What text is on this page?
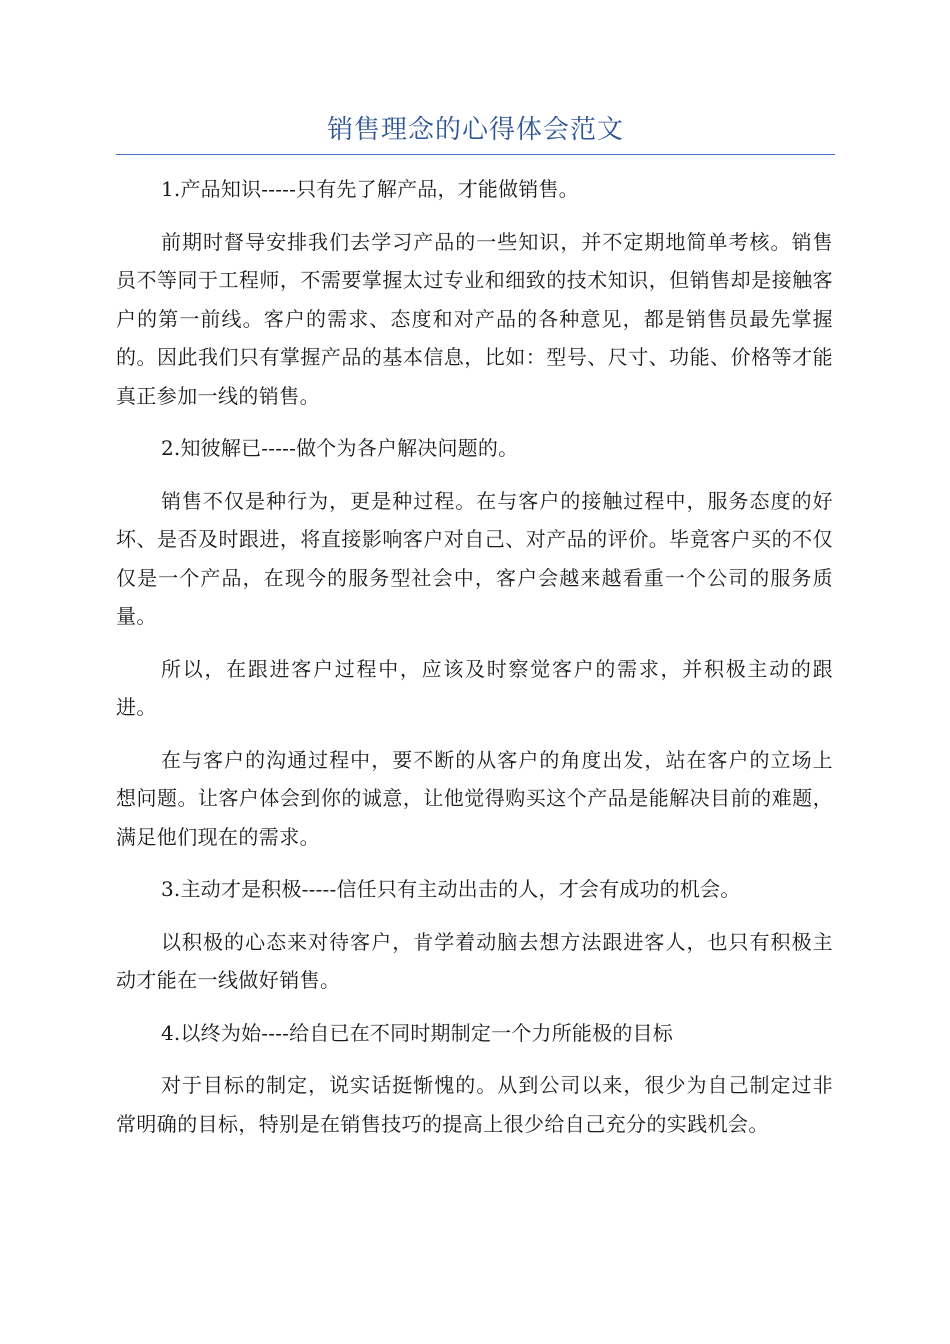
销售理念的心得体会范文

1.产品知识-----只有先了解产品，才能做销售。

前期时督导安排我们去学习产品的一些知识，并不定期地简单考核。销售员不等同于工程师，不需要掌握太过专业和细致的技术知识，但销售却是接触客户的第一前线。客户的需求、态度和对产品的各种意见，都是销售员最先掌握的。因此我们只有掌握产品的基本信息，比如：型号、尺寸、功能、价格等才能真正参加一线的销售。

2.知彼解已-----做个为各户解决问题的。

销售不仅是种行为，更是种过程。在与客户的接触过程中，服务态度的好坏、是否及时跟进，将直接影响客户对自己、对产品的评价。毕竟客户买的不仅仅是一个产品，在现今的服务型社会中，客户会越来越看重一个公司的服务质量。

所以，在跟进客户过程中，应该及时察觉客户的需求，并积极主动的跟进。

在与客户的沟通过程中，要不断的从客户的角度出发，站在客户的立场上想问题。让客户体会到你的诚意，让他觉得购买这个产品是能解决目前的难题，满足他们现在的需求。

3.主动才是积极-----信任只有主动出击的人，才会有成功的机会。

以积极的心态来对待客户，肯学着动脑去想方法跟进客人，也只有积极主动才能在一线做好销售。

4.以终为始----给自已在不同时期制定一个力所能极的目标

对于目标的制定，说实话挺惭愧的。从到公司以来，很少为自己制定过非常明确的目标，特别是在销售技巧的提高上很少给自己充分的实践机会。
